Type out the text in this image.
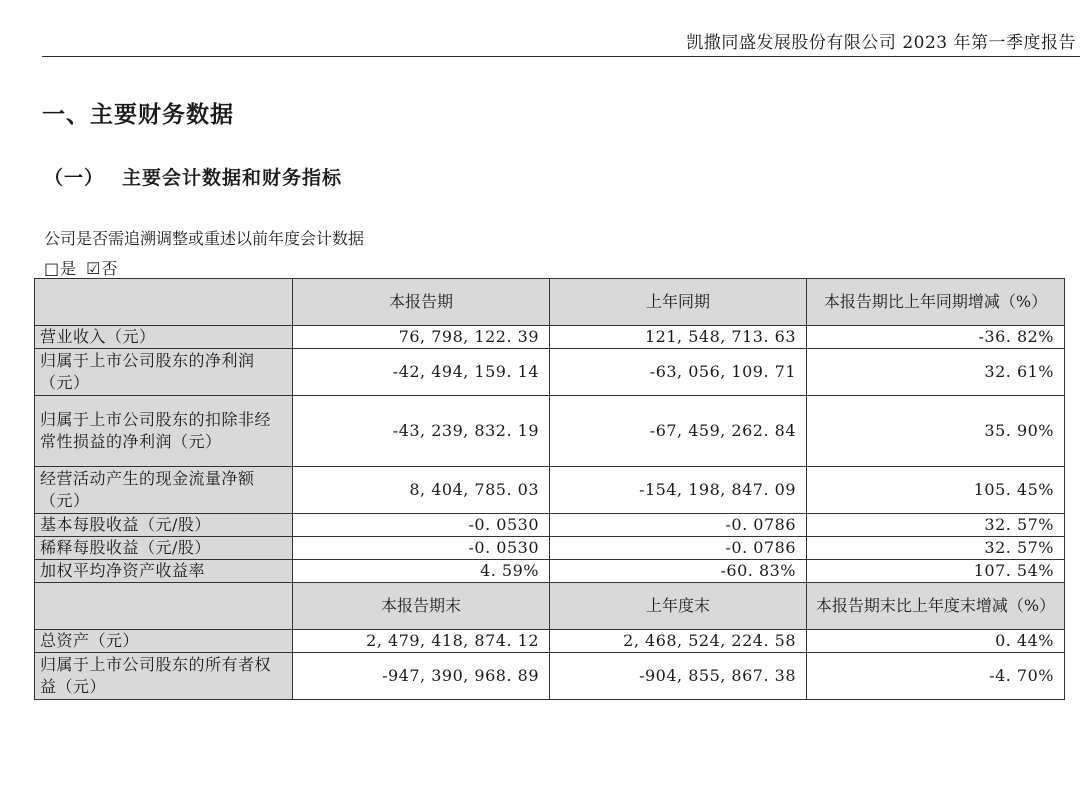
凯撒同盛发展股份有限公司 2023 年第一季度报告
一、主要财务数据
（一） 主要会计数据和财务指标
公司是否需追溯调整或重述以前年度会计数据
□是 ☑否
	本报告期	上年同期	本报告期比上年同期增减（%）
营业收入（元）	76, 798, 122. 39	121, 548, 713. 63	-36. 82%
归属于上市公司股东的净利润（元）	-42, 494, 159. 14	-63, 056, 109. 71	32. 61%
归属于上市公司股东的扣除非经常性损益的净利润（元）	-43, 239, 832. 19	-67, 459, 262. 84	35. 90%
经营活动产生的现金流量净额（元）	8, 404, 785. 03	-154, 198, 847. 09	105. 45%
基本每股收益（元/股）	-0. 0530	-0. 0786	32. 57%
稀释每股收益（元/股）	-0. 0530	-0. 0786	32. 57%
加权平均净资产收益率	4. 59%	-60. 83%	107. 54%
	本报告期末	上年度末	本报告期末比上年度末增减（%）
总资产（元）	2, 479, 418, 874. 12	2, 468, 524, 224. 58	0. 44%
归属于上市公司股东的所有者权益（元）	-947, 390, 968. 89	-904, 855, 867. 38	-4. 70%
